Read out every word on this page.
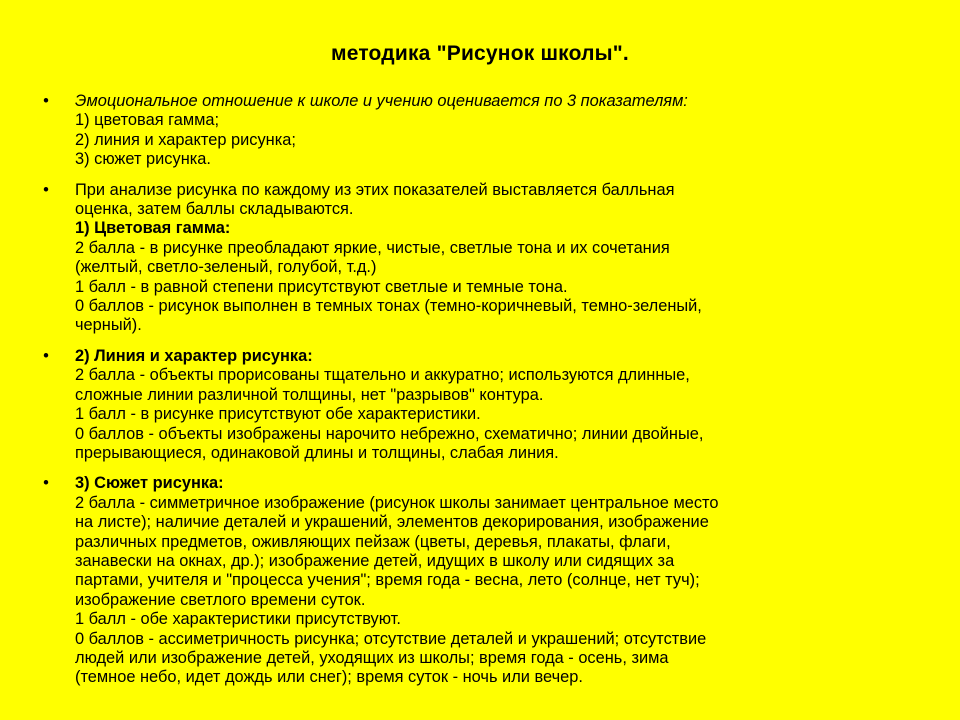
методика "Рисунок школы".
•	Эмоциональное отношение к школе и учению оценивается по 3 показателям:
1) цветовая гамма;
2) линия и характер рисунка;
3) сюжет рисунка.
•	При анализе рисунка по каждому из этих показателей выставляется балльная
оценка, затем баллы складываются.
1) Цветовая гамма:
2 балла - в рисунке преобладают яркие, чистые, светлые тона и их сочетания
(желтый, светло-зеленый, голубой, т.д.)
1 балл - в равной степени присутствуют светлые и темные тона.
0 баллов - рисунок выполнен в темных тонах (темно-коричневый, темно-зеленый,
черный).
•	2) Линия и характер рисунка:
2 балла - объекты прорисованы тщательно и аккуратно; используются длинные,
сложные линии различной толщины, нет "разрывов" контура.
1 балл - в рисунке присутствуют обе характеристики.
0 баллов - объекты изображены нарочито небрежно, схематично; линии двойные,
прерывающиеся, одинаковой длины и толщины, слабая линия.
•	3) Сюжет рисунка:
2 балла - симметричное изображение (рисунок школы занимает центральное место
на листе); наличие деталей и украшений, элементов декорирования, изображение
различных предметов, оживляющих пейзаж (цветы, деревья, плакаты, флаги,
занавески на окнах, др.); изображение детей, идущих в школу или сидящих за
партами, учителя и "процесса учения"; время года - весна, лето (солнце, нет туч);
изображение светлого времени суток.
1 балл - обе характеристики присутствуют.
0 баллов - ассиметричность рисунка; отсутствие деталей и украшений; отсутствие
людей или изображение детей, уходящих из школы; время года - осень, зима
(темное небо, идет дождь или снег); время суток - ночь или вечер.
